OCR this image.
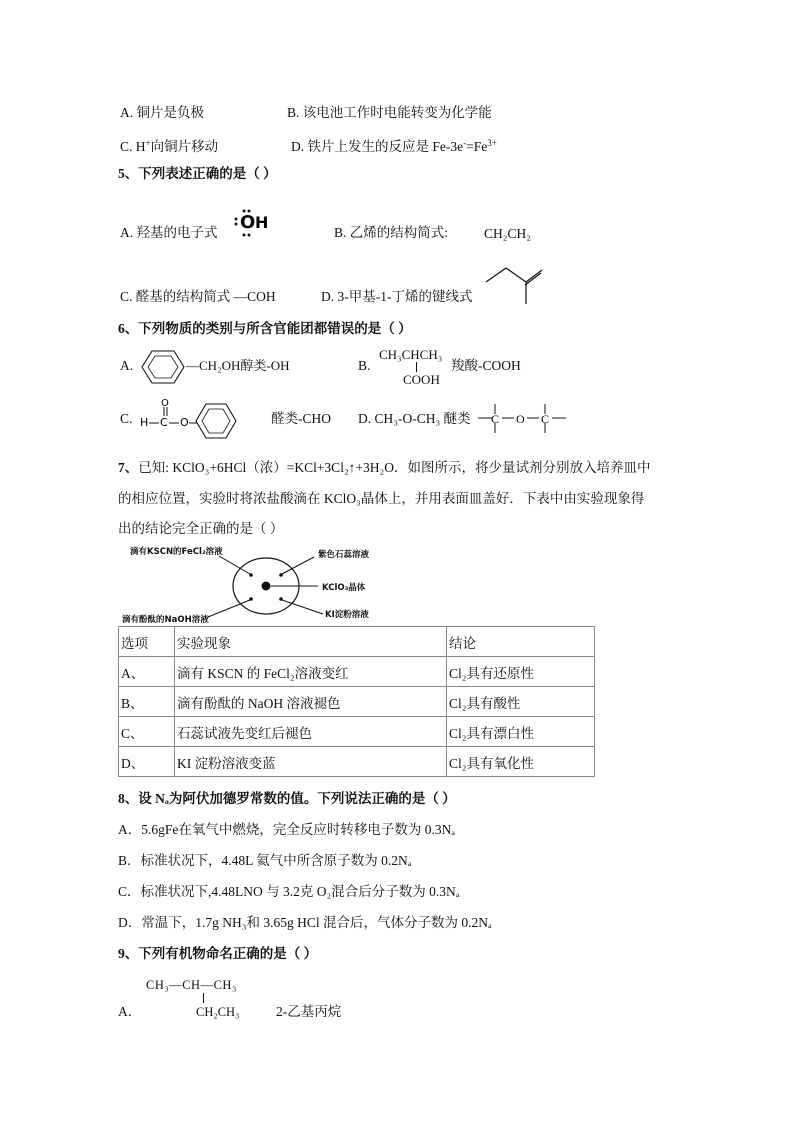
A. 铜片是负极	B. 该电池工作时电能转变为化学能
C. H+向铜片移动	D. 铁片上发生的反应是 $Fe-3e^-=Fe^{3+}$
5、下列表述正确的是（ ）
A. 羟基的电子式 O H
B. 乙烯的结构简式:	CH₂CH₂
C. 醛基的结构简式 —COH	D. 3-甲基-1-丁烯的键线式
6、下列物质的类别与所含官能团都错误的是（ ）
A.	—CH₂OH醇类-OH	B.
CH₃CHCH₃
COOH
羧酸-COOH
C. H C
O
O	醛类-CHO D. CH₃-O-CH₃ 醚类 C O C
7、已知: KClO₃+6HCl（浓）=KCl+3Cl₂↑+3H₂O．如图所示，将少量试剂分别放入培养皿中
的相应位置，实验时将浓盐酸滴在 KClO₃晶体上，并用表面皿盖好．下表中由实验现象得
出的结论完全正确的是（ ）
滴有KSCN的FeCl₂溶液	紫色石蕊溶液
KClO₃晶体
KI淀粉溶液
滴有酚酞的NaOH溶液
选项	实验现象	结论
A、	滴有 KSCN 的 FeCl₂溶液变红	Cl₂具有还原性
B、	滴有酚酞的 NaOH 溶液褪色	Cl₂具有酸性
C、	石蕊试液先变红后褪色	Cl₂具有漂白性
D、	KI 淀粉溶液变蓝	Cl₂具有氧化性
8、设 Nₐ为阿伏加德罗常数的值。下列说法正确的是（ ）
A．5.6gFe在氧气中燃烧，完全反应时转移电子数为 0.3Nₐ
B．标准状况下，4.48L 氦气中所含原子数为 0.2Nₐ
C．标准状况下,4.48LNO 与 3.2克 O₂混合后分子数为 0.3Nₐ
D．常温下，1.7g NH₃和 3.65g HCl 混合后，气体分子数为 0.2Nₐ
9、下列有机物命名正确的是（ ）
CH₃—CH—CH₃
A．	CH₂CH₃	2-乙基丙烷
